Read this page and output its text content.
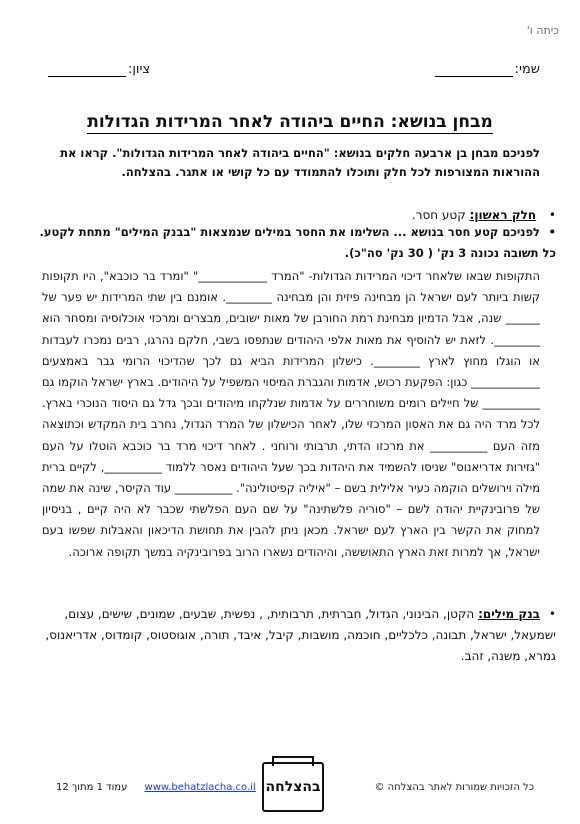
כיתה ו'
שמי:
ציון:
מבחן בנושא: החיים ביהודה לאחר המרידות הגדולות
לפניכם מבחן בן ארבעה חלקים בנושא: "החיים ביהודה לאחר המרידות הגדולות". קראו את ההוראות המצורפות לכל חלק ותוכלו להתמודד עם כל קושי או אתגר. בהצלחה.
• חלק ראשון: קטע חסר.
• לפניכם קטע חסר בנושא ... השלימו את החסר במילים שנמצאות "בבנק המילים" מתחת לקטע. כל תשובה נכונה 3 נק' ( 30 נק' סה"כ).
התקופות שבאו שלאחר דיכוי המרידות הגדולות- "המרד ____________" "ומרד בר כוכבא", היו תקופות קשות ביותר לעם ישראל הן מבחינה פיזית והן מבחינה ________. אומנם בין שתי המרידות יש פער של ______ שנה, אבל הדמיון מבחינת רמת החורבן של מאות ישובים, מבצרים ומרכזי אוכלוסיה ומסחר הוא ________. לזאת יש להוסיף את מאות אלפי היהודים שנתפסו בשבי, חלקם נהרגו, רבים נמכרו לעבדות או הוגלו מחוץ לארץ ________. כישלון המרידות הביא גם לכך שהדיכוי הרומי גבר באמצעים ____________ כגון: הפקעת רכוש, אדמות והגברת המיסוי המשפיל על היהודים. בארץ ישראל הוקמו גם __________ של חיילים רומים משוחררים על אדמות שנלקחו מיהודים ובכך גדל גם היסוד הנוכרי בארץ. לכל מרד היה גם את האסון המרכזי שלו, לאחר הכישלון של המרד הגדול, נחרב בית המקדש וכתוצאה מזה העם __________ את מרכזו הדתי, תרבותי ורוחני . לאחר דיכוי מרד בר כוכבא הוטלו על העם "גזירות אדריאנוס" שניסו להשמיד את היהדות בכך שעל היהודים נאסר ללמוד __________, לקיים ברית מילה וירושלים הוקמה כעיר אלילית בשם – "איליה קפיטולינה". __________ עוד הקיסר, שינה את שמה של פרובינקיית יהודה לשם – "סוריה פלשתינה" על שם העם הפלשתי שכבר לא היה קיים , בניסיון למחוק את הקשר בין הארץ לעם ישראל. מכאן ניתן להבין את תחושת הדיכאון והאבלות שפשו בעם ישראל, אך למרות זאת הארץ התאוששה, והיהודים נשארו הרוב בפרובינקיה במשך תקופה ארוכה.
• בנק מילים: הקטן, הבינוני, הגדול, חברתית, תרבותית, , נפשית, שבעים, שמונים, שישים, עצום, ישמעאל, ישראל, תבונה, כלכליים, חוכמה, מושבות, קיבל, איבד, תורה, אוגוסטוס, קומדוס, אדריאנוס, גמרא, משנה, זהב.
כל הזכויות שמורות לאתר בהצלחה ©
בהצלחה
www.behatzlacha.co.il עמוד 1 מתוך 12
